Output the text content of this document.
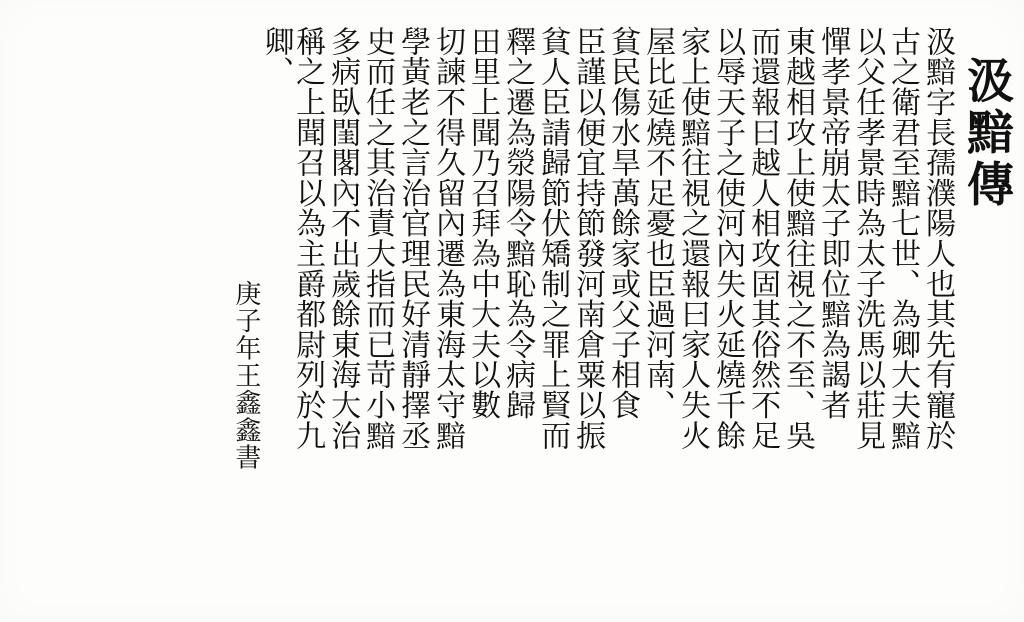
汲黯傳
汲黯字長孺濮陽人也其先有寵於
古之衛君至黯七世、為卿大夫黯
以父任孝景時為太子洗馬以莊見
憚孝景帝崩太子即位黯為謁者
東越相攻上使黯往視之不至、吳
而還報曰越人相攻固其俗然不足
以辱天子之使河內失火延燒千餘
家上使黯往視之還報曰家人失火
屋比延燒不足憂也臣過河南、
貧民傷水旱萬餘家或父子相食
臣謹以便宜持節發河南倉粟以振
貧人臣請歸節伏矯制之罪上賢而
釋之遷為滎陽令黯恥為令病歸
田里上聞乃召拜為中大夫以數
切諫不得久留內遷為東海太守黯
學黃老之言治官理民好清靜擇丞
史而任之其治責大指而已苛小黯
多病臥閨閣內不出歲餘東海大治
稱之上聞召以為主爵都尉列於九
卿、
庚子年王鑫鑫書
